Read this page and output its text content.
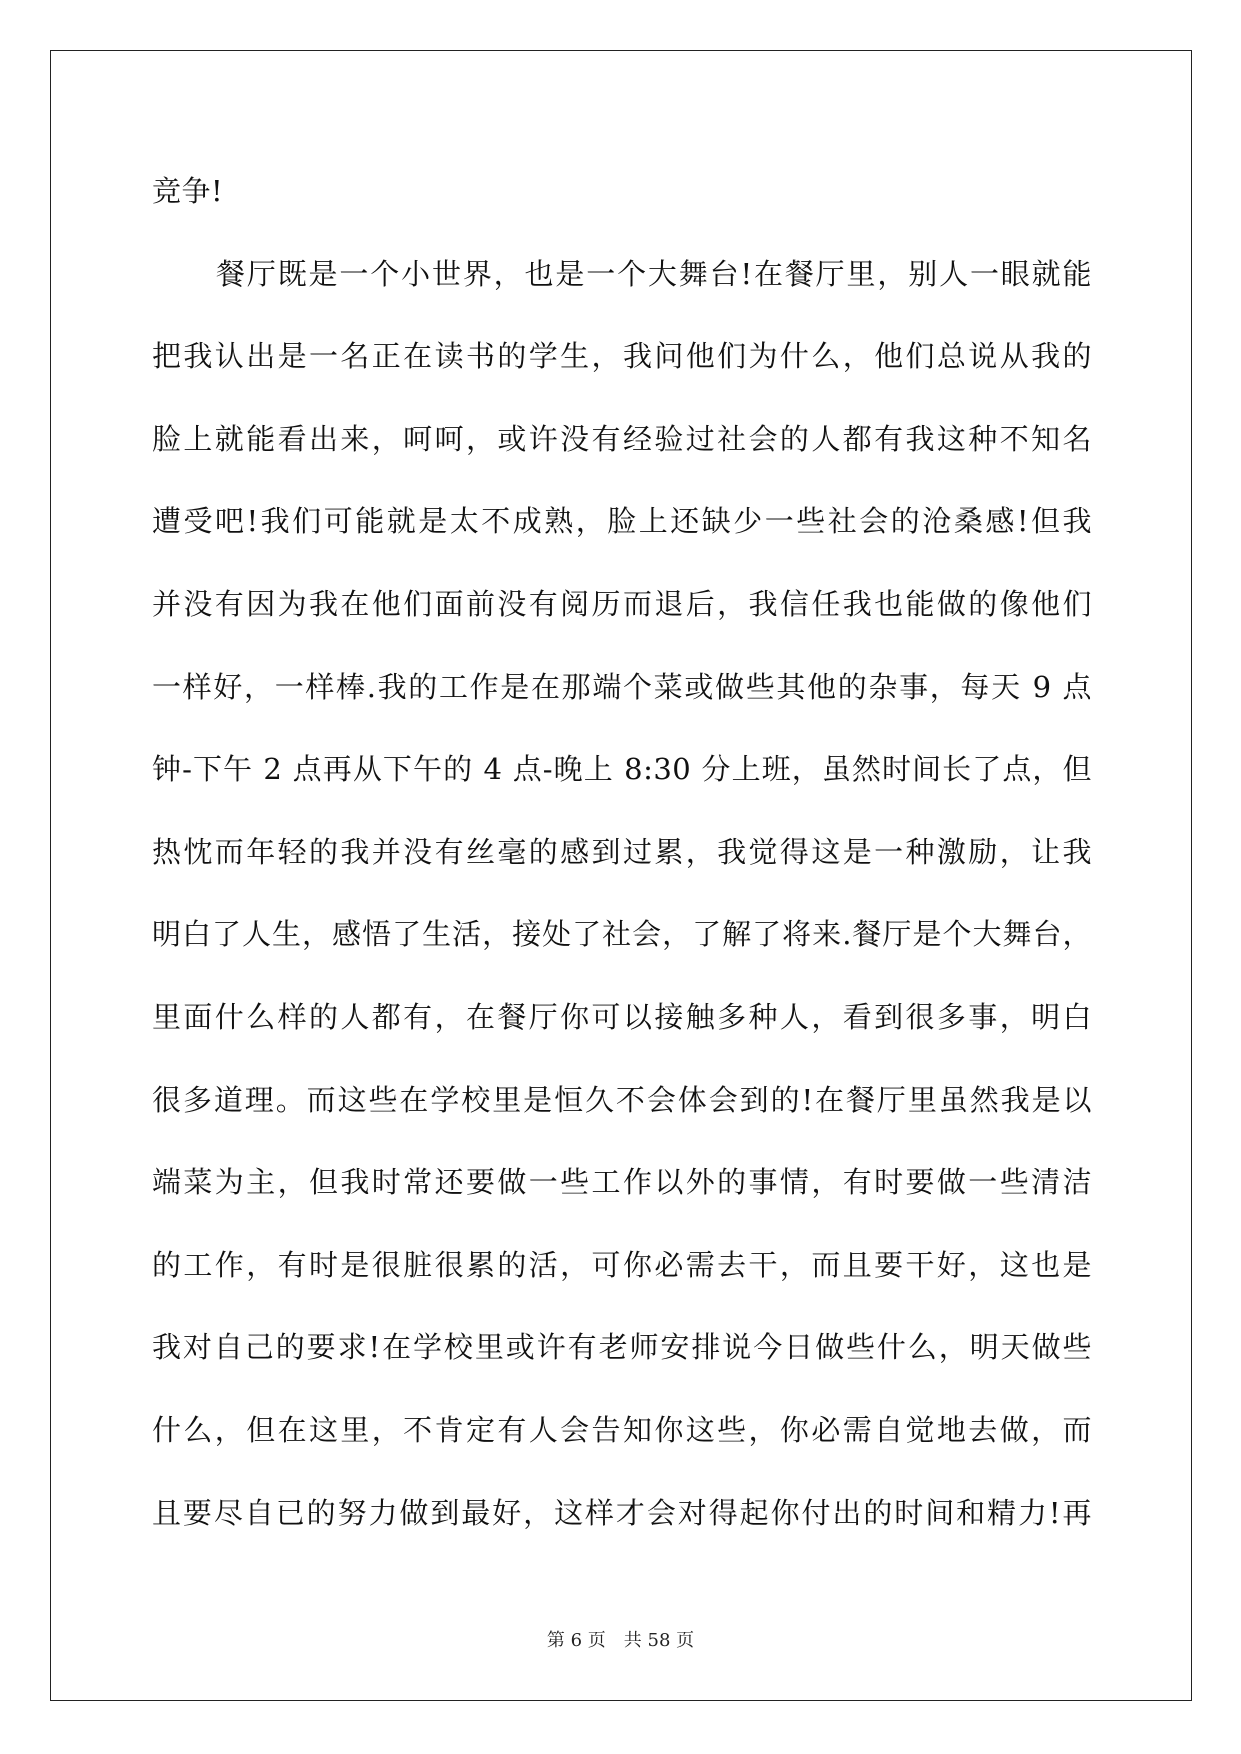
竞争!
餐厅既是一个小世界，也是一个大舞台!在餐厅里，别人一眼就能
把我认出是一名正在读书的学生，我问他们为什么，他们总说从我的
脸上就能看出来，呵呵，或许没有经验过社会的人都有我这种不知名
遭受吧!我们可能就是太不成熟，脸上还缺少一些社会的沧桑感!但我
并没有因为我在他们面前没有阅历而退后，我信任我也能做的像他们
一样好，一样棒.我的工作是在那端个菜或做些其他的杂事，每天 9 点
钟-下午 2 点再从下午的 4 点-晚上 8:30 分上班，虽然时间长了点，但
热忱而年轻的我并没有丝毫的感到过累，我觉得这是一种激励，让我
明白了人生，感悟了生活，接处了社会，了解了将来.餐厅是个大舞台，
里面什么样的人都有，在餐厅你可以接触多种人，看到很多事，明白
很多道理。而这些在学校里是恒久不会体会到的!在餐厅里虽然我是以
端菜为主，但我时常还要做一些工作以外的事情，有时要做一些清洁
的工作，有时是很脏很累的活，可你必需去干，而且要干好，这也是
我对自己的要求!在学校里或许有老师安排说今日做些什么，明天做些
什么，但在这里，不肯定有人会告知你这些，你必需自觉地去做，而
且要尽自已的努力做到最好，这样才会对得起你付出的时间和精力!再
第 6 页 共 58 页
